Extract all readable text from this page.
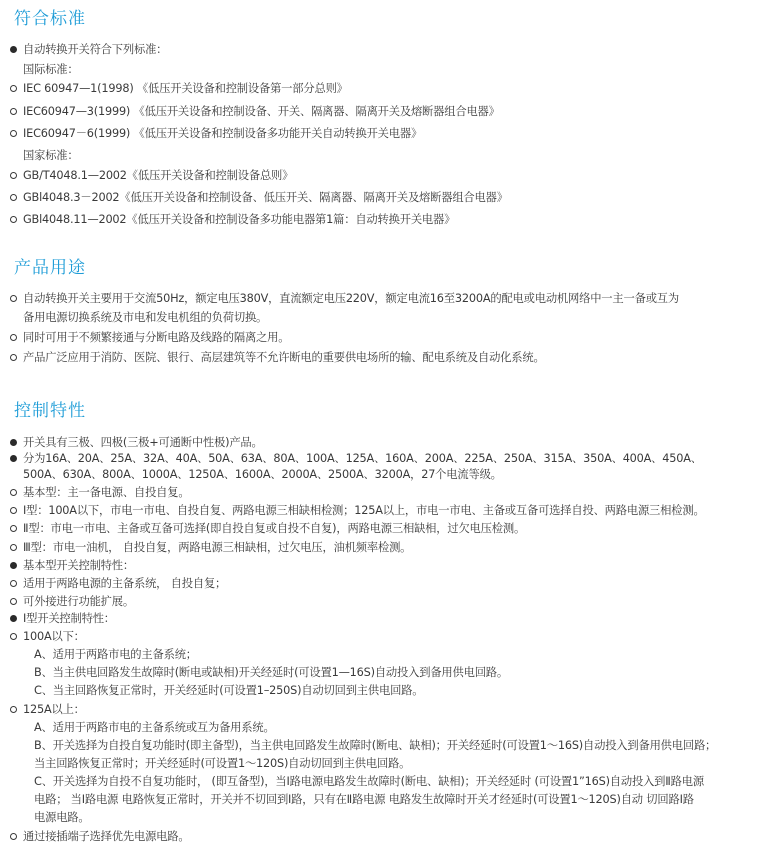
符合标准
自动转换开关符合下列标准：
国际标准：
IEC 60947—1(1998) 《低压开关设备和控制设备第一部分总则》
IEC60947—3(1999) 《低压开关设备和控制设备、开关、隔离器、隔离开关及熔断器组合电器》
IEC60947－6(1999) 《低压开关设备和控制设备多功能开关自动转换开关电器》
国家标准：
GB/T4048.1—2002《低压开关设备和控制设备总则》
GBl4048.3－2002《低压开关设备和控制设备、低压开关、隔离器、隔离开关及熔断器组合电器》
GBl4048.11—2002《低压开关设备和控制设备多功能电器第1篇：自动转换开关电器》
产品用途
自动转换开关主要用于交流50Hz，额定电压380V，直流额定电压220V，额定电流16至3200A的配电或电动机网络中一主一备或互为
备用电源切换系统及市电和发电机组的负荷切换。
同时可用于不频繁接通与分断电路及线路的隔离之用。
产品广泛应用于消防、医院、银行、高层建筑等不允许断电的重要供电场所的输、配电系统及自动化系统。
控制特性
开关具有三极、四极(三极+可通断中性极)产品。
分为16A、20A、25A、32A、40A、50A、63A、80A、100A、125A、160A、200A、225A、250A、315A、350A、400A、450A、
500A、630A、800A、1000A、1250A、1600A、2000A、2500A、3200A，27个电流等级。
基本型：主一备电源、自投自复。
I型：100A以下，市电一市电、自投自复、两路电源三相缺相检测；125A以上，市电一市电、主备或互备可选择自投、两路电源三相检测。
Ⅱ型：市电一市电、主备或互备可选择(即自投自复或自投不自复)，两路电源三相缺相，过欠电压检测。
Ⅲ型：市电一油机， 自投自复，两路电源三相缺相，过欠电压，油机频率检测。
基本型开关控制特性：
适用于两路电源的主备系统， 自投自复；
可外接进行功能扩展。
I型开关控制特性：
100A以下：
A、适用于两路市电的主备系统；
B、当主供电回路发生故障时(断电或缺相)开关经延时(可设置1—16S)自动投入到备用供电回路。
C、当主回路恢复正常时，开关经延时(可设置1–250S)自动切回到主供电回路。
125A以上：
A、适用于两路市电的主备系统或互为备用系统。
B、开关选择为自投自复功能时(即主备型)，当主供电回路发生故障时(断电、缺相)；开关经延时(可设置1～16S)自动投入到备用供电回路；
当主回路恢复正常时；开关经延时(可设置1～120S)自动切回到主供电回路。
C、开关选择为自投不自复功能时， (即互备型)，当Ⅰ路电源电路发生故障时(断电、缺相)；开关经延时 (可设置1”16S)自动投入到Ⅱ路电源
电路； 当Ⅰ路电源 电路恢复正常时，开关并不切回到Ⅰ路，只有在Ⅱ路电源 电路发生故障时开关才经延时(可设置1～120S)自动 切回路Ⅰ路
电源电路。
通过接插端子选择优先电源电路。
